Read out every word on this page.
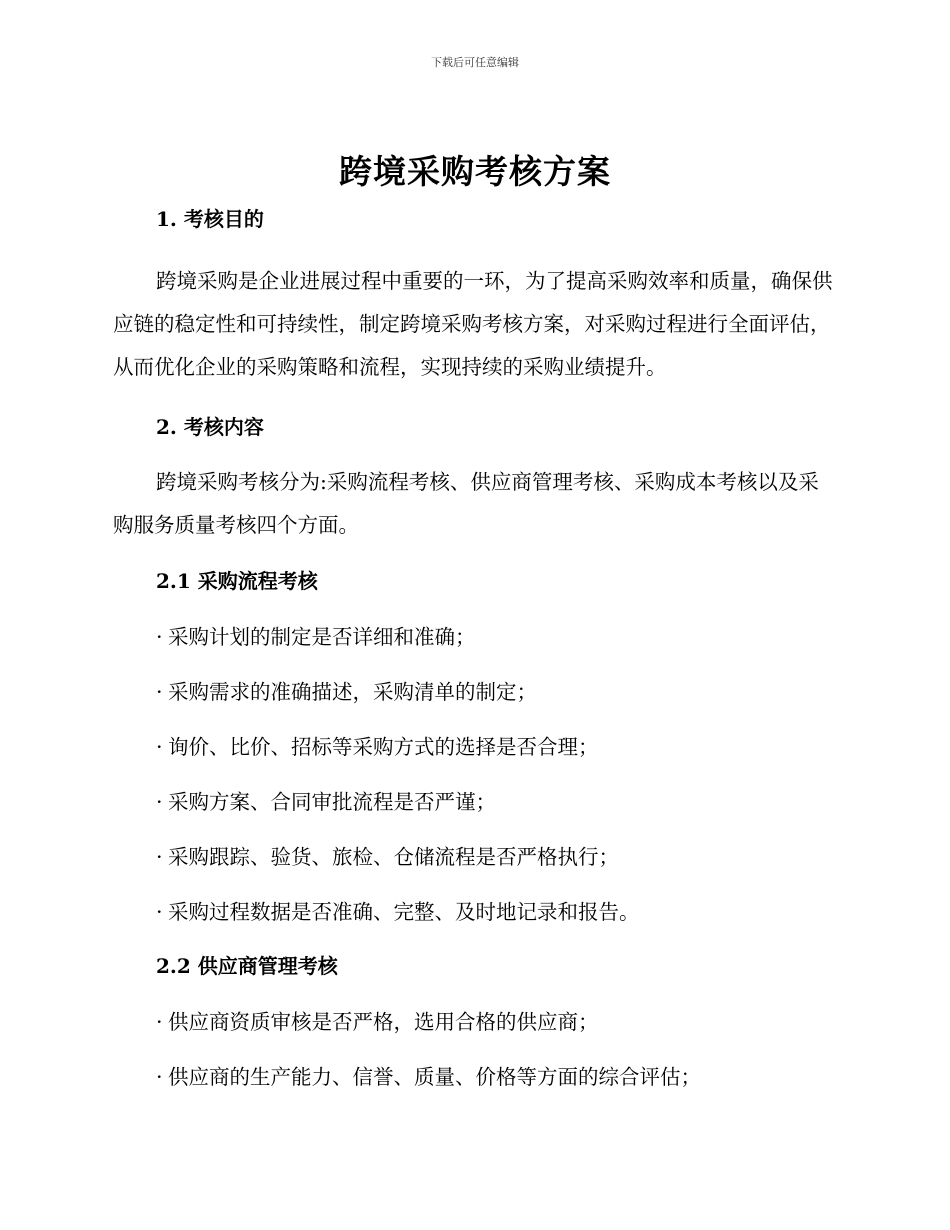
下载后可任意编辑
跨境采购考核方案
1. 考核目的

跨境采购是企业进展过程中重要的一环，为了提高采购效率和质量，确保供应链的稳定性和可持续性，制定跨境采购考核方案，对采购过程进行全面评估，从而优化企业的采购策略和流程，实现持续的采购业绩提升。

2. 考核内容

跨境采购考核分为:采购流程考核、供应商管理考核、采购成本考核以及采购服务质量考核四个方面。

2.1 采购流程考核
· 采购计划的制定是否详细和准确；
· 采购需求的准确描述，采购清单的制定；
· 询价、比价、招标等采购方式的选择是否合理；
· 采购方案、合同审批流程是否严谨；
· 采购跟踪、验货、旅检、仓储流程是否严格执行；
· 采购过程数据是否准确、完整、及时地记录和报告。
2.2 供应商管理考核
· 供应商资质审核是否严格，选用合格的供应商；
· 供应商的生产能力、信誉、质量、价格等方面的综合评估；
